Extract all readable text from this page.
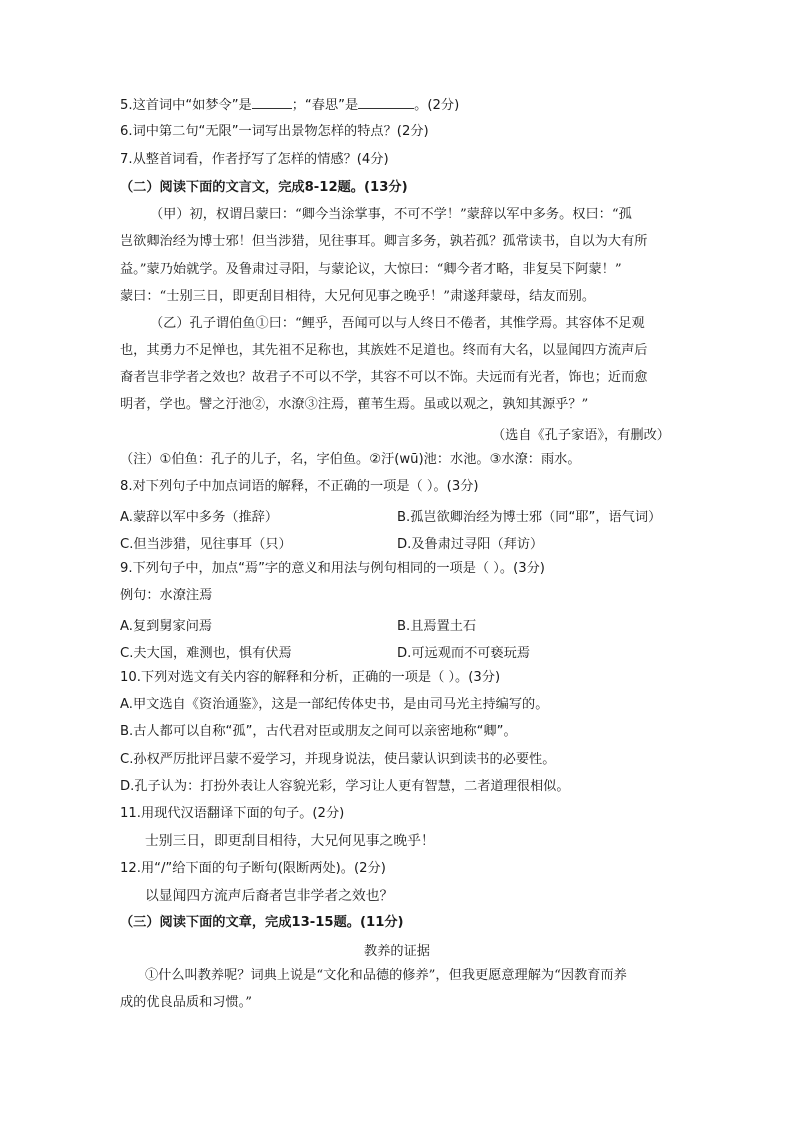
5.这首词中“如梦令”是	；“春思”是	。(2分)
6.词中第二句“无限”一词写出景物怎样的特点？(2分)
7.从整首词看，作者抒写了怎样的情感？(4分)
（二）阅读下面的文言文，完成8-12题。(13分)
（甲）初，权谓吕蒙曰：“卿今当涂掌事，不可不学！”蒙辞以军中多务。权曰：“孤
岂欲卿治经为博士邪！但当涉猎，见往事耳。卿言多务，孰若孤？孤常读书，自以为大有所
益。”蒙乃始就学。及鲁肃过寻阳，与蒙论议，大惊曰：“卿今者才略，非复吴下阿蒙！”
蒙曰：“士别三日，即更刮目相待，大兄何见事之晚乎！”肃遂拜蒙母，结友而别。
（乙）孔子谓伯鱼①曰：“鲤乎，吾闻可以与人终日不倦者，其惟学焉。其容体不足观
也，其勇力不足惮也，其先祖不足称也，其族姓不足道也。终而有大名，以显闻四方流声后
裔者岂非学者之效也？故君子不可以不学，其容不可以不饰。夫远而有光者，饰也；近而愈
明者，学也。譬之汙池②，水潦③注焉，雚苇生焉。虽或以观之，孰知其源乎？”
（选自《孔子家语》，有删改）
（注）①伯鱼：孔子的儿子，名，字伯鱼。②汙(wū)池：水池。③水潦：雨水。
8.对下列句子中加点词语的解释，不正确的一项是（ ）。(3分)
A.蒙辞以军中多务（推辞）	B.孤岂欲卿治经为博士邪（同“耶”，语气词）
C.但当涉猎，见往事耳（只）	D.及鲁肃过寻阳（拜访）
9.下列句子中，加点“焉”字的意义和用法与例句相同的一项是（ ）。(3分)
例句：水潦注焉
A.复到舅家问焉	B.且焉置土石
C.夫大国，难测也，惧有伏焉	D.可远观而不可亵玩焉
10.下列对选文有关内容的解释和分析，正确的一项是（ ）。(3分)
A.甲文选自《资治通鉴》，这是一部纪传体史书，是由司马光主持编写的。
B.古人都可以自称“孤”，古代君对臣或朋友之间可以亲密地称“卿”。
C.孙权严厉批评吕蒙不爱学习，并现身说法，使吕蒙认识到读书的必要性。
D.孔子认为：打扮外表让人容貌光彩，学习让人更有智慧，二者道理很相似。
11.用现代汉语翻译下面的句子。(2分)
士别三日，即更刮目相待，大兄何见事之晚乎！
12.用“/”给下面的句子断句(限断两处)。(2分)
以显闻四方流声后裔者岂非学者之效也？
（三）阅读下面的文章，完成13-15题。(11分)
教养的证据
①什么叫教养呢？词典上说是“文化和品德的修养”，但我更愿意理解为“因教育而养
成的优良品质和习惯。”
